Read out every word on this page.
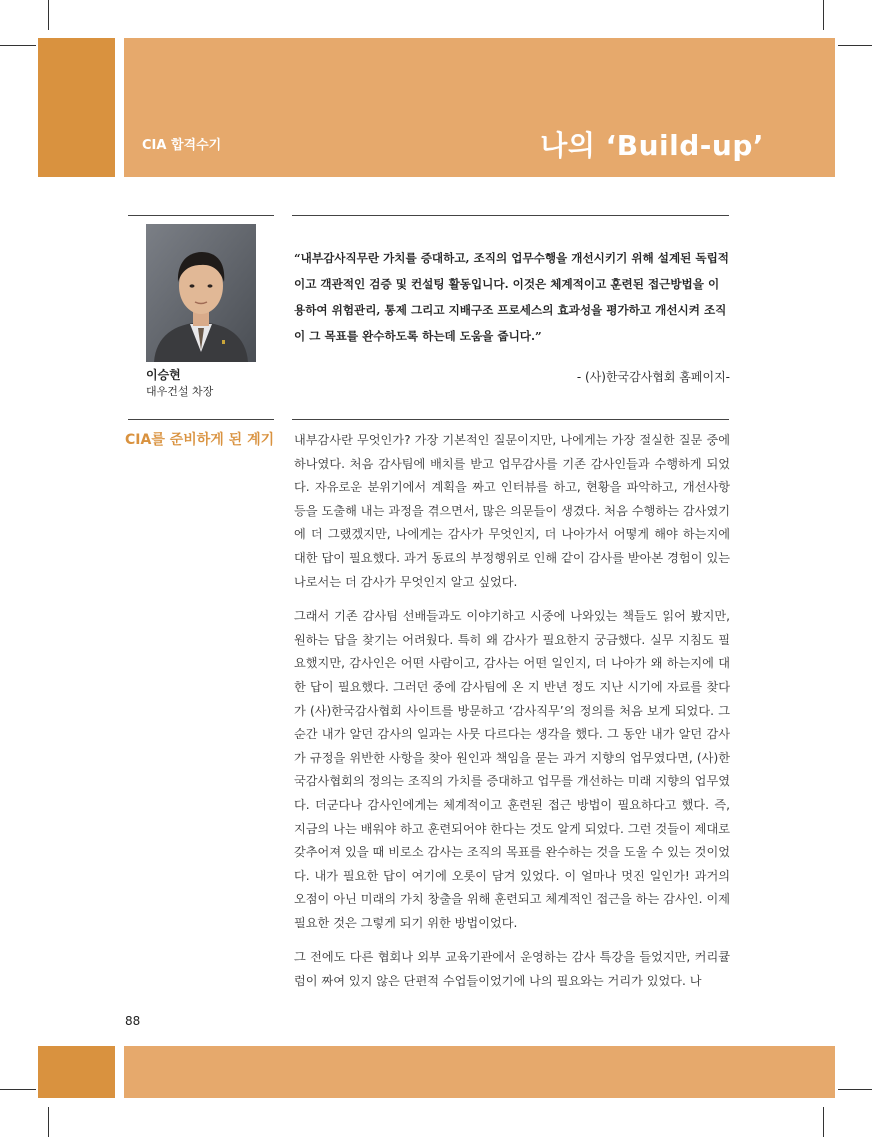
CIA 합격수기	나의 ‘Build-up’
이승현
대우건설 차장
“내부감사직무란 가치를 증대하고, 조직의 업무수행을 개선시키기 위해 설계된 독립적이고 객관적인 검증 및 컨설팅 활동입니다. 이것은 체계적이고 훈련된 접근방법을 이용하여 위험관리, 통제 그리고 지배구조 프로세스의 효과성을 평가하고 개선시켜 조직이 그 목표를 완수하도록 하는데 도움을 줍니다.”
- (사)한국감사협회 홈페이지-
CIA를 준비하게 된 계기 내부감사란 무엇인가? 가장 기본적인 질문이지만, 나에게는 가장 절실한 질문 중에 하나였다. 처음 감사팀에 배치를 받고 업무감사를 기존 감사인들과 수행하게 되었다. 자유로운 분위기에서 계획을 짜고 인터뷰를 하고, 현황을 파악하고, 개선사항 등을 도출해 내는 과정을 겪으면서, 많은 의문들이 생겼다. 처음 수행하는 감사였기에 더 그랬겠지만, 나에게는 감사가 무엇인지, 더 나아가서 어떻게 해야 하는지에 대한 답이 필요했다. 과거 동료의 부정행위로 인해 같이 감사를 받아본 경험이 있는 나로서는 더 감사가 무엇인지 알고 싶었다.

그래서 기존 감사팀 선배들과도 이야기하고 시중에 나와있는 책들도 읽어 봤지만, 원하는 답을 찾기는 어려웠다. 특히 왜 감사가 필요한지 궁금했다. 실무 지침도 필요했지만, 감사인은 어떤 사람이고, 감사는 어떤 일인지, 더 나아가 왜 하는지에 대한 답이 필요했다. 그러던 중에 감사팀에 온 지 반년 정도 지난 시기에 자료를 찾다가 (사)한국감사협회 사이트를 방문하고 ‘감사직무’의 정의를 처음 보게 되었다. 그 순간 내가 알던 감사의 일과는 사뭇 다르다는 생각을 했다. 그 동안 내가 알던 감사가 규정을 위반한 사항을 찾아 원인과 책임을 묻는 과거 지향의 업무였다면, (사)한국감사협회의 정의는 조직의 가치를 증대하고 업무를 개선하는 미래 지향의 업무였다. 더군다나 감사인에게는 체계적이고 훈련된 접근 방법이 필요하다고 했다. 즉, 지금의 나는 배워야 하고 훈련되어야 한다는 것도 알게 되었다. 그런 것들이 제대로 갖추어져 있을 때 비로소 감사는 조직의 목표를 완수하는 것을 도울 수 있는 것이었다. 내가 필요한 답이 여기에 오롯이 담겨 있었다. 이 얼마나 멋진 일인가! 과거의 오점이 아닌 미래의 가치 창출을 위해 훈련되고 체계적인 접근을 하는 감사인. 이제 필요한 것은 그렇게 되기 위한 방법이었다.

그 전에도 다른 협회나 외부 교육기관에서 운영하는 감사 특강을 들었지만, 커리큘럼이 짜여 있지 않은 단편적 수업들이었기에 나의 필요와는 거리가 있었다. 나

88
